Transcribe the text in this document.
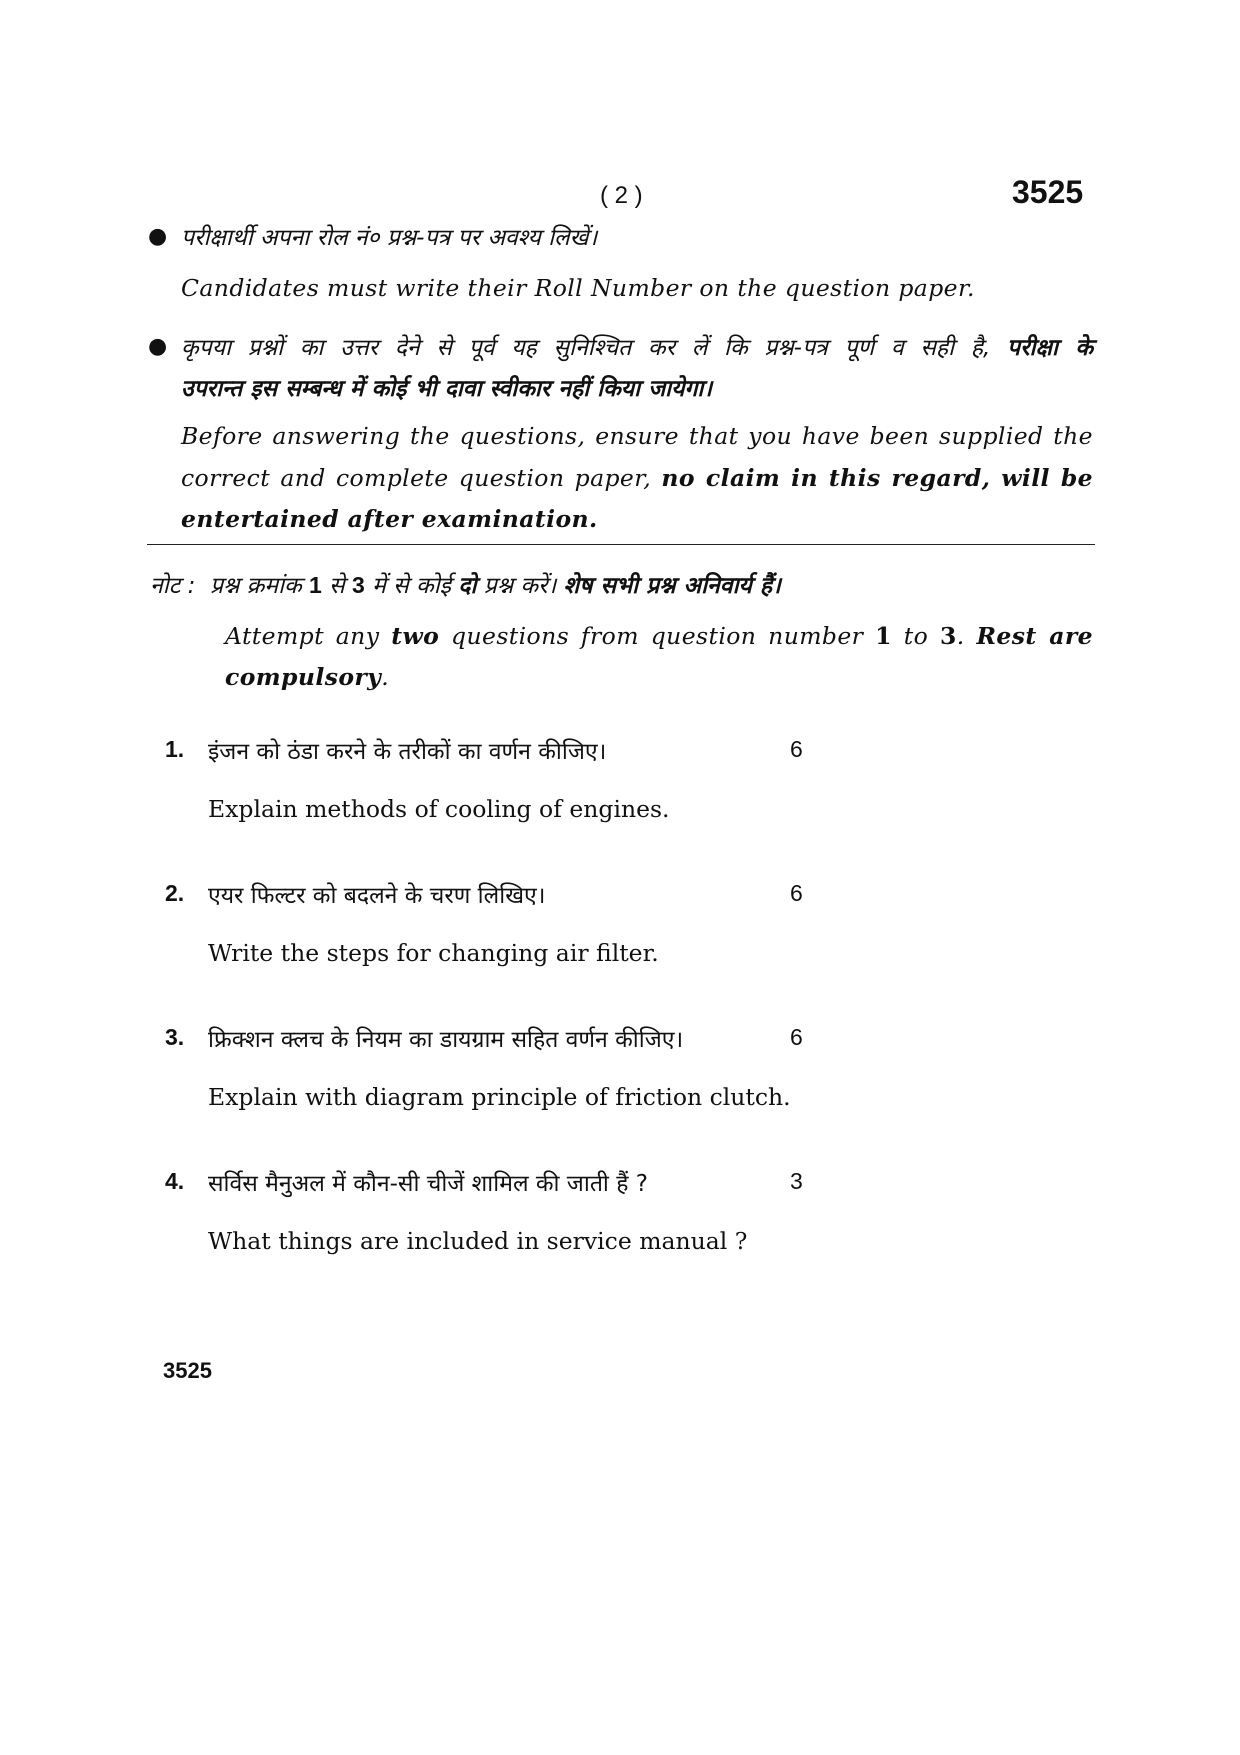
( 2 )	3525
● परीक्षार्थी अपना रोल नं० प्रश्न-पत्र पर अवश्य लिखें।
Candidates must write their Roll Number on the question paper.
● कृपया प्रश्नों का उत्तर देने से पूर्व यह सुनिश्चित कर लें कि प्रश्न-पत्र पूर्ण व सही है, परीक्षा के
उपरान्त इस सम्बन्ध में कोई भी दावा स्वीकार नहीं किया जायेगा।
Before answering the questions, ensure that you have been supplied the
correct and complete question paper, no claim in this regard, will be
entertained after examination.
नोट : प्रश्न क्रमांक 1 से 3 में से कोई दो प्रश्न करें। शेष सभी प्रश्न अनिवार्य हैं।
Attempt any two questions from question number 1 to 3. Rest are
compulsory.
1. इंजन को ठंडा करने के तरीकों का वर्णन कीजिए।	6
Explain methods of cooling of engines.
2. एयर फिल्टर को बदलने के चरण लिखिए।	6
Write the steps for changing air filter.
3. फ्रिक्शन क्लच के नियम का डायग्राम सहित वर्णन कीजिए।	6
Explain with diagram principle of friction clutch.
4. सर्विस मैनुअल में कौन-सी चीजें शामिल की जाती हैं ?	3
What things are included in service manual ?
3525
